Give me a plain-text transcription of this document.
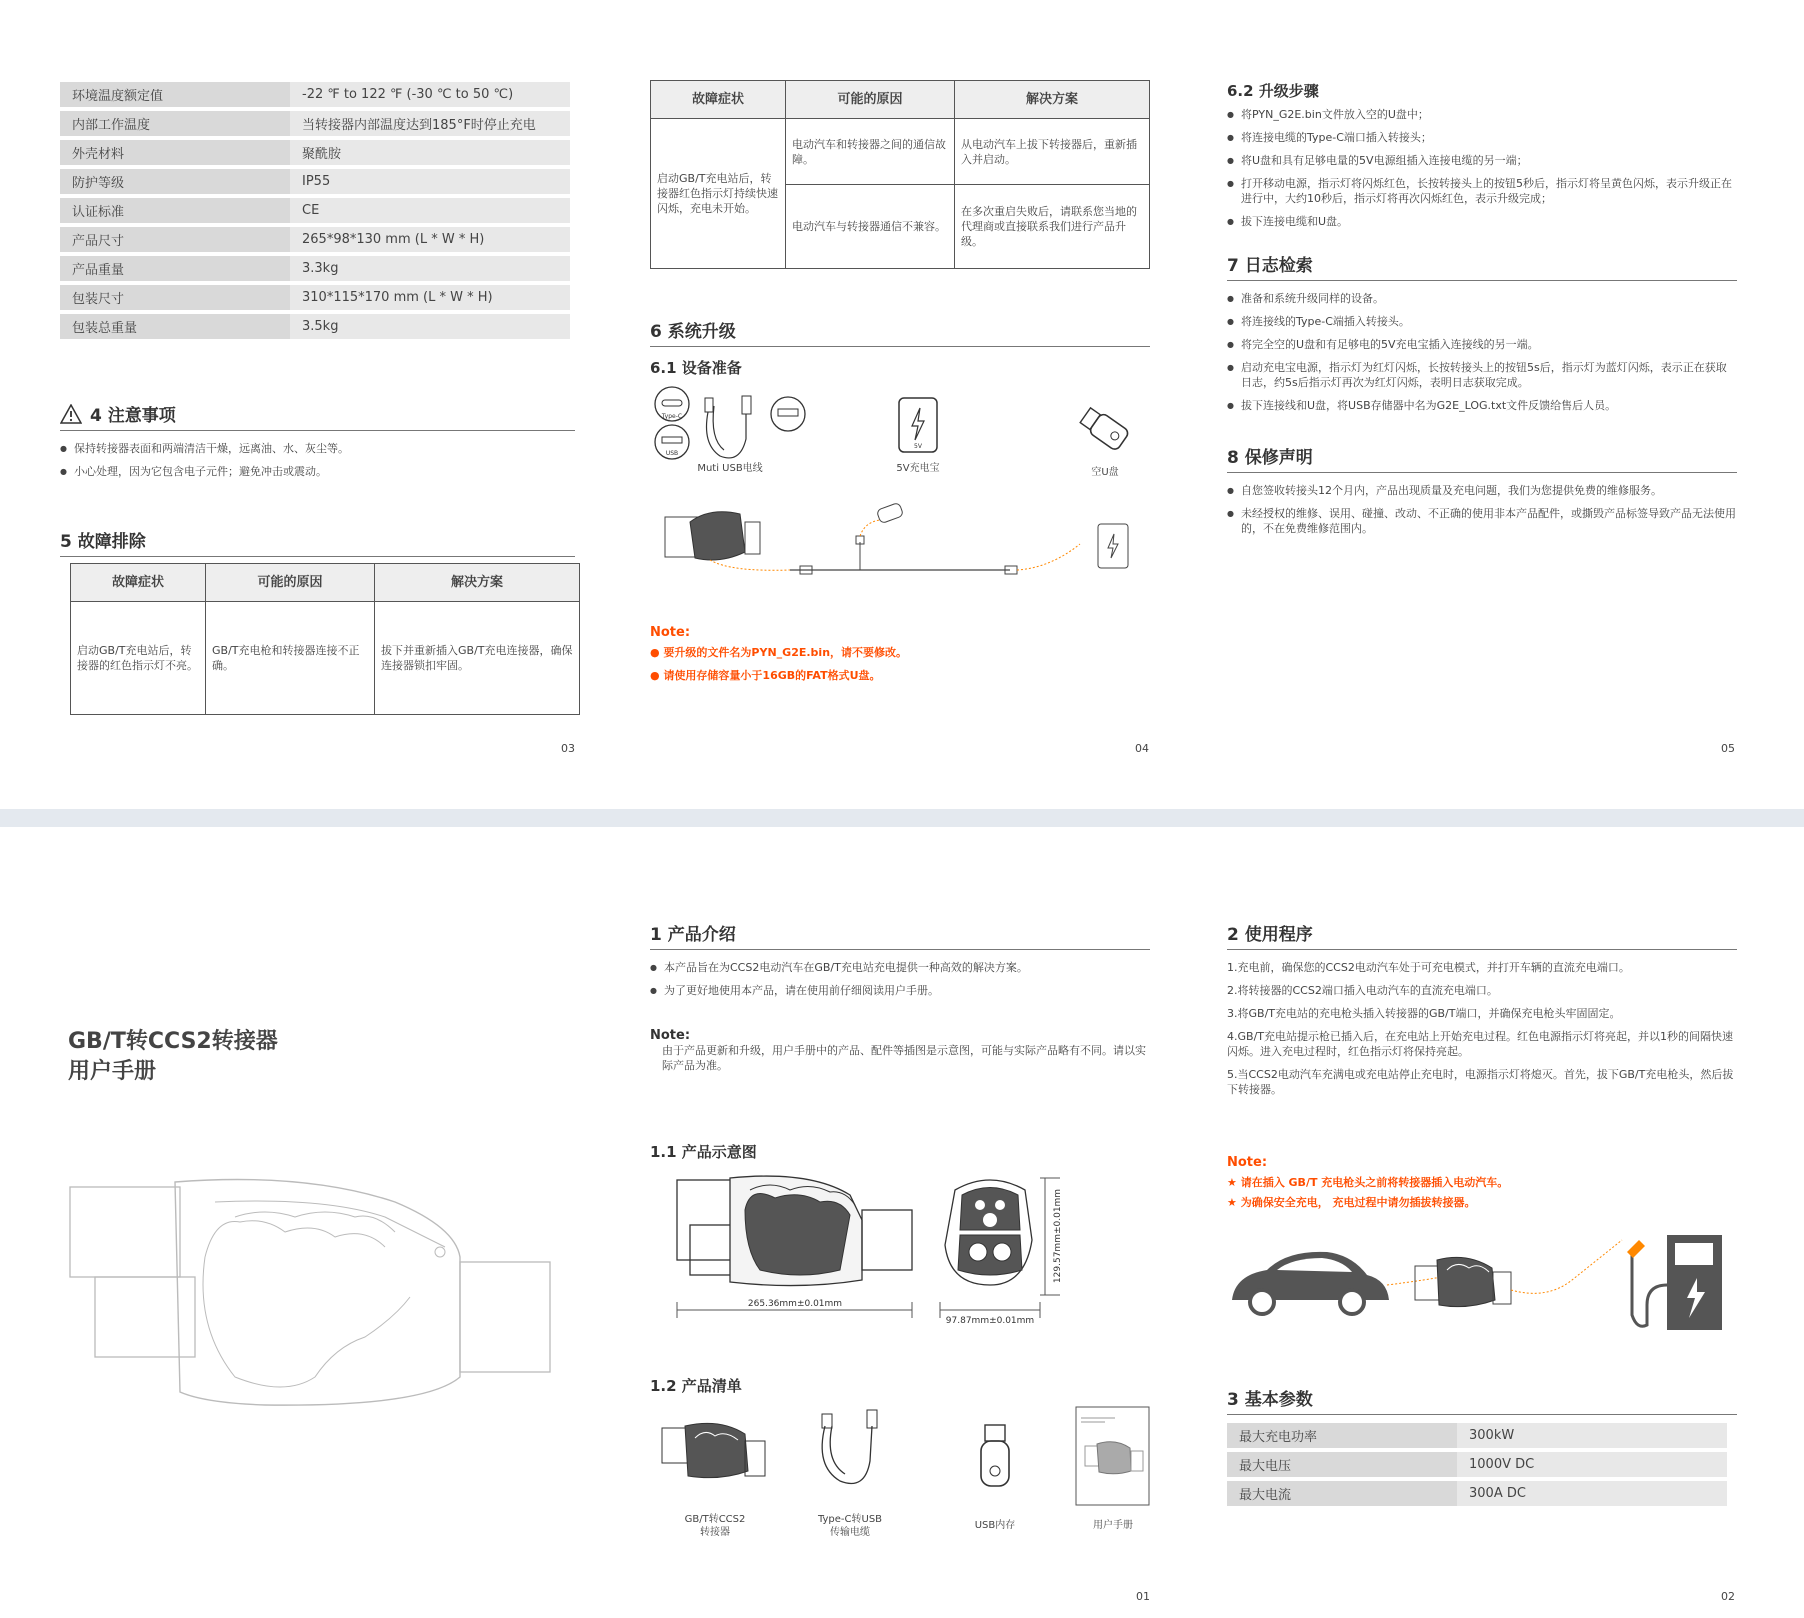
环境温度额定值	-22 ℉ to 122 ℉ (-30 ℃ to 50 ℃)
内部工作温度	当转接器内部温度达到185°F时停止充电
外壳材料	聚酰胺
防护等级	IP55
认证标准	CE
产品尺寸	265*98*130 mm (L * W * H)
产品重量	3.3kg
包装尺寸	310*115*170 mm (L * W * H)
包装总重量	3.5kg
4 注意事项
● 保持转接器表面和两端清洁干燥，远离油、水、灰尘等。
● 小心处理，因为它包含电子元件；避免冲击或震动。
5 故障排除
故障症状	可能的原因	解决方案
启动GB/T充电站后，转接器的红色指示灯不亮。	GB/T充电枪和转接器连接不正确。	拔下并重新插入GB/T充电连接器，确保连接器锁扣牢固。
03
故障症状	可能的原因	解决方案
启动GB/T充电站后，转接器红色指示灯持续快速闪烁，充电未开始。	电动汽车和转接器之间的通信故障。	从电动汽车上拔下转接器后，重新插入并启动。
	电动汽车与转接器通信不兼容。	在多次重启失败后，请联系您当地的代理商或直接联系我们进行产品升级。
6 系统升级
6.1 设备准备
Type-C
USB
Muti USB电线
5V
5V充电宝	空U盘
Note:
● 要升级的文件名为PYN_G2E.bin，请不要修改。
● 请使用存储容量小于16GB的FAT格式U盘。
04
6.2 升级步骤
● 将PYN_G2E.bin文件放入空的U盘中；
● 将连接电缆的Type-C端口插入转接头；
● 将U盘和具有足够电量的5V电源组插入连接电缆的另一端；
● 打开移动电源，指示灯将闪烁红色，长按转接头上的按钮5秒后，指示灯将呈黄色闪烁，表示升级正在进行中，大约10秒后，指示灯将再次闪烁红色，表示升级完成；
● 拔下连接电缆和U盘。
7 日志检索
● 准备和系统升级同样的设备。
● 将连接线的Type-C端插入转接头。
● 将完全空的U盘和有足够电的5V充电宝插入连接线的另一端。
● 启动充电宝电源，指示灯为红灯闪烁，长按转接头上的按钮5s后，指示灯为蓝灯闪烁，表示正在获取日志，约5s后指示灯再次为红灯闪烁，表明日志获取完成。
● 拔下连接线和U盘，将USB存储器中名为G2E_LOG.txt文件反馈给售后人员。
8 保修声明
● 自您签收转接头12个月内，产品出现质量及充电问题，我们为您提供免费的维修服务。
● 未经授权的维修、误用、碰撞、改动、不正确的使用非本产品配件，或撕毁产品标签导致产品无法使用的，不在免费维修范围内。
05
GB/T转CCS2转接器
用户手册
1 产品介绍
● 本产品旨在为CCS2电动汽车在GB/T充电站充电提供一种高效的解决方案。
● 为了更好地使用本产品，请在使用前仔细阅读用户手册。
Note:
由于产品更新和升级，用户手册中的产品、配件等插图是示意图，可能与实际产品略有不同。请以实际产品为准。
1.1 产品示意图
265.36mm±0.01mm
97.87mm±0.01mm
129.57mm±0.01mm
1.2 产品清单
GB/T转CCS2
转接器
Type-C转USB
传输电缆
USB内存	用户手册
01
2 使用程序
1.充电前，确保您的CCS2电动汽车处于可充电模式，并打开车辆的直流充电端口。
2.将转接器的CCS2端口插入电动汽车的直流充电端口。
3.将GB/T充电站的充电枪头插入转接器的GB/T端口，并确保充电枪头牢固固定。
4.GB/T充电站提示枪已插入后，在充电站上开始充电过程。红色电源指示灯将亮起，并以1秒的间隔快速闪烁。进入充电过程时，红色指示灯将保持亮起。
5.当CCS2电动汽车充满电或充电站停止充电时，电源指示灯将熄灭。首先，拔下GB/T充电枪头，然后拔下转接器。
Note:
★ 请在插入 GB/T 充电枪头之前将转接器插入电动汽车。
★ 为确保安全充电， 充电过程中请勿插拔转接器。
3 基本参数
最大充电功率	300kW
最大电压	1000V DC
最大电流	300A DC
02
